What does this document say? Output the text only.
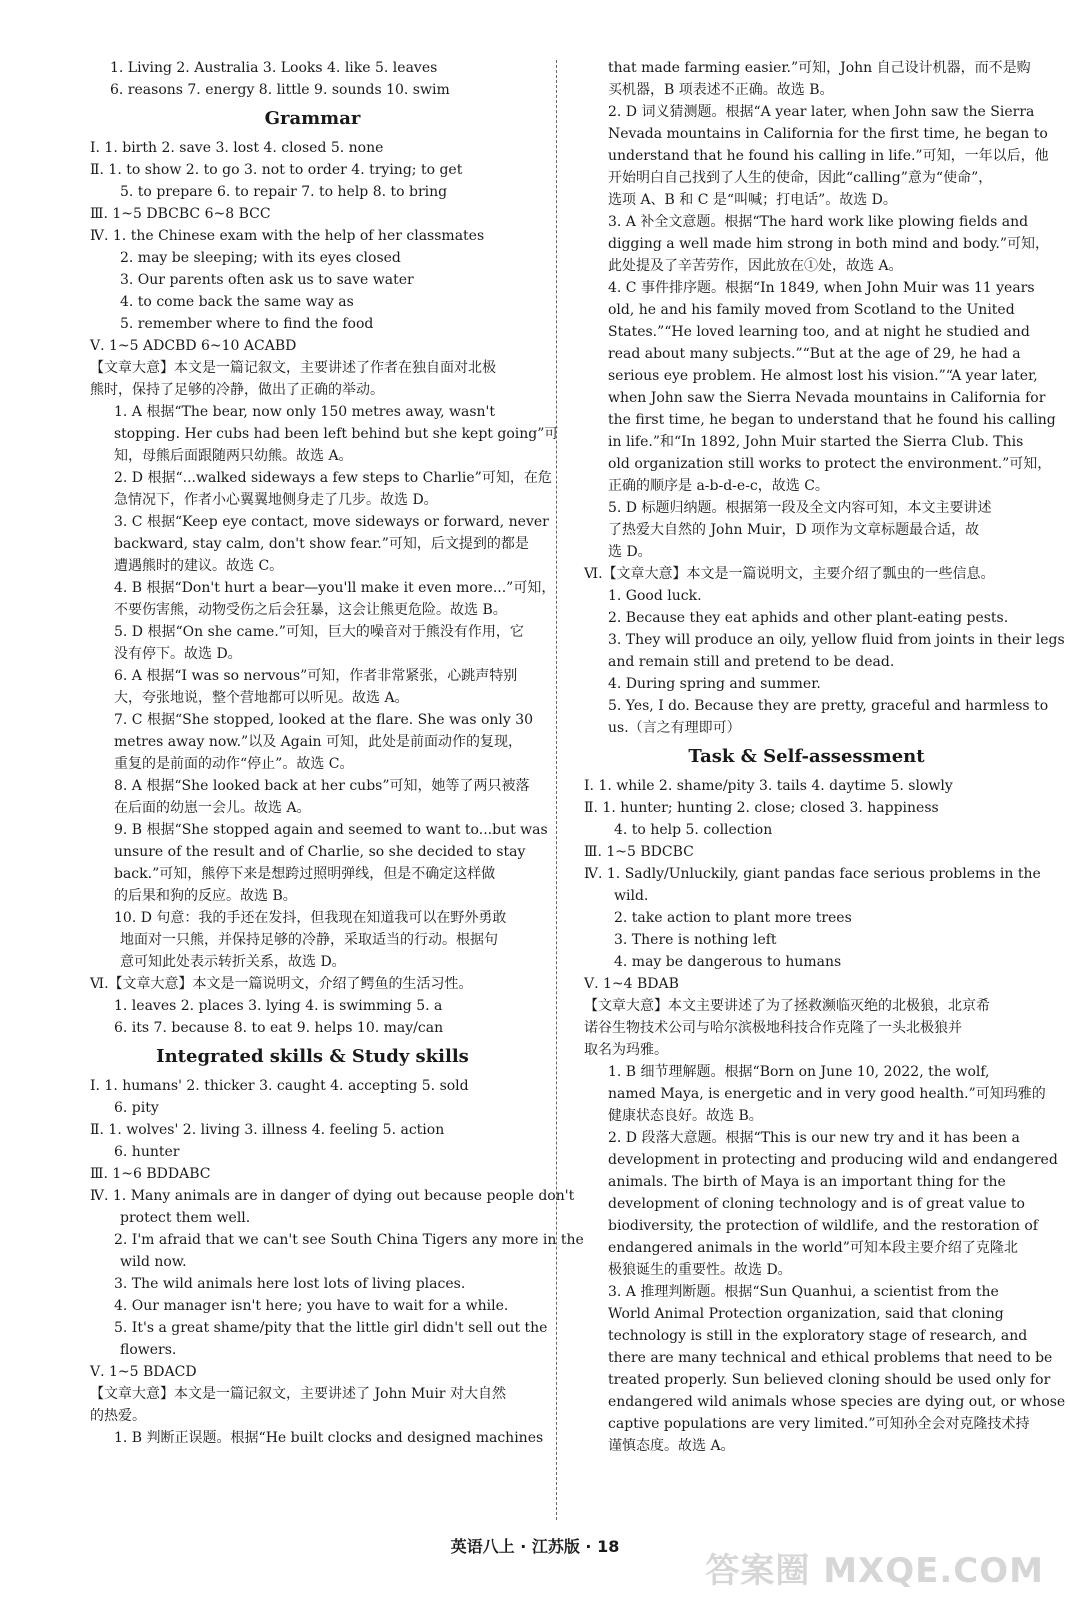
1. Living 2. Australia 3. Looks 4. like 5. leaves
6. reasons 7. energy 8. little 9. sounds 10. swim
Grammar
Ⅰ. 1. birth 2. save 3. lost 4. closed 5. none
Ⅱ. 1. to show 2. to go 3. not to order 4. trying; to get
5. to prepare 6. to repair 7. to help 8. to bring
Ⅲ. 1~5 DBCBC 6~8 BCC
Ⅳ. 1. the Chinese exam with the help of her classmates
2. may be sleeping; with its eyes closed
3. Our parents often ask us to save water
4. to come back the same way as
5. remember where to find the food
Ⅴ. 1~5 ADCBD 6~10 ACABD
【文章大意】本文是一篇记叙文，主要讲述了作者在独自面对北极
熊时，保持了足够的冷静，做出了正确的举动。
1. A 根据“The bear, now only 150 metres away, wasn't
stopping. Her cubs had been left behind but she kept going”可
知，母熊后面跟随两只幼熊。故选 A。
2. D 根据“...walked sideways a few steps to Charlie”可知，在危
急情况下，作者小心翼翼地侧身走了几步。故选 D。
3. C 根据“Keep eye contact, move sideways or forward, never
backward, stay calm, don't show fear.”可知，后文提到的都是
遭遇熊时的建议。故选 C。
4. B 根据“Don't hurt a bear—you'll make it even more...”可知，
不要伤害熊，动物受伤之后会狂暴，这会让熊更危险。故选 B。
5. D 根据“On she came.”可知，巨大的噪音对于熊没有作用，它
没有停下。故选 D。
6. A 根据“I was so nervous”可知，作者非常紧张，心跳声特别
大，夸张地说，整个营地都可以听见。故选 A。
7. C 根据“She stopped, looked at the flare. She was only 30
metres away now.”以及 Again 可知，此处是前面动作的复现，
重复的是前面的动作“停止”。故选 C。
8. A 根据“She looked back at her cubs”可知，她等了两只被落
在后面的幼崽一会儿。故选 A。
9. B 根据“She stopped again and seemed to want to...but was
unsure of the result and of Charlie, so she decided to stay
back.”可知，熊停下来是想跨过照明弹线，但是不确定这样做
的后果和狗的反应。故选 B。
10. D 句意：我的手还在发抖，但我现在知道我可以在野外勇敢
地面对一只熊，并保持足够的冷静，采取适当的行动。根据句
意可知此处表示转折关系，故选 D。
Ⅵ.【文章大意】本文是一篇说明文，介绍了鳄鱼的生活习性。
1. leaves 2. places 3. lying 4. is swimming 5. a
6. its 7. because 8. to eat 9. helps 10. may/can
Integrated skills & Study skills
Ⅰ. 1. humans' 2. thicker 3. caught 4. accepting 5. sold
6. pity
Ⅱ. 1. wolves' 2. living 3. illness 4. feeling 5. action
6. hunter
Ⅲ. 1~6 BDDABC
Ⅳ. 1. Many animals are in danger of dying out because people don't
protect them well.
2. I'm afraid that we can't see South China Tigers any more in the
wild now.
3. The wild animals here lost lots of living places.
4. Our manager isn't here; you have to wait for a while.
5. It's a great shame/pity that the little girl didn't sell out the
flowers.
Ⅴ. 1~5 BDACD
【文章大意】本文是一篇记叙文，主要讲述了 John Muir 对大自然
的热爱。
1. B 判断正误题。根据“He built clocks and designed machines
that made farming easier.”可知，John 自己设计机器，而不是购
买机器，B 项表述不正确。故选 B。
2. D 词义猜测题。根据“A year later, when John saw the Sierra
Nevada mountains in California for the first time, he began to
understand that he found his calling in life.”可知，一年以后，他
开始明白自己找到了人生的使命，因此“calling”意为“使命”，
选项 A、B 和 C 是“叫喊；打电话”。故选 D。
3. A 补全文意题。根据“The hard work like plowing fields and
digging a well made him strong in both mind and body.”可知，
此处提及了辛苦劳作，因此放在①处，故选 A。
4. C 事件排序题。根据“In 1849, when John Muir was 11 years
old, he and his family moved from Scotland to the United
States.”“He loved learning too, and at night he studied and
read about many subjects.”“But at the age of 29, he had a
serious eye problem. He almost lost his vision.”“A year later,
when John saw the Sierra Nevada mountains in California for
the first time, he began to understand that he found his calling
in life.”和“In 1892, John Muir started the Sierra Club. This
old organization still works to protect the environment.”可知，
正确的顺序是 a-b-d-e-c，故选 C。
5. D 标题归纳题。根据第一段及全文内容可知，本文主要讲述
了热爱大自然的 John Muir，D 项作为文章标题最合适，故
选 D。
Ⅵ.【文章大意】本文是一篇说明文，主要介绍了瓢虫的一些信息。
1. Good luck.
2. Because they eat aphids and other plant-eating pests.
3. They will produce an oily, yellow fluid from joints in their legs
and remain still and pretend to be dead.
4. During spring and summer.
5. Yes, I do. Because they are pretty, graceful and harmless to
us.（言之有理即可）
Task & Self-assessment
Ⅰ. 1. while 2. shame/pity 3. tails 4. daytime 5. slowly
Ⅱ. 1. hunter; hunting 2. close; closed 3. happiness
4. to help 5. collection
Ⅲ. 1~5 BDCBC
Ⅳ. 1. Sadly/Unluckily, giant pandas face serious problems in the
wild.
2. take action to plant more trees
3. There is nothing left
4. may be dangerous to humans
Ⅴ. 1~4 BDAB
【文章大意】本文主要讲述了为了拯救濒临灭绝的北极狼，北京希
诺谷生物技术公司与哈尔滨极地科技合作克隆了一头北极狼并
取名为玛雅。
1. B 细节理解题。根据“Born on June 10, 2022, the wolf,
named Maya, is energetic and in very good health.”可知玛雅的
健康状态良好。故选 B。
2. D 段落大意题。根据“This is our new try and it has been a
development in protecting and producing wild and endangered
animals. The birth of Maya is an important thing for the
development of cloning technology and is of great value to
biodiversity, the protection of wildlife, and the restoration of
endangered animals in the world”可知本段主要介绍了克隆北
极狼诞生的重要性。故选 D。
3. A 推理判断题。根据“Sun Quanhui, a scientist from the
World Animal Protection organization, said that cloning
technology is still in the exploratory stage of research, and
there are many technical and ethical problems that need to be
treated properly. Sun believed cloning should be used only for
endangered wild animals whose species are dying out, or whose
captive populations are very limited.”可知孙全会对克隆技术持
谨慎态度。故选 A。
英语八上 · 江苏版 · 18
答案圈 MXQE.COM
